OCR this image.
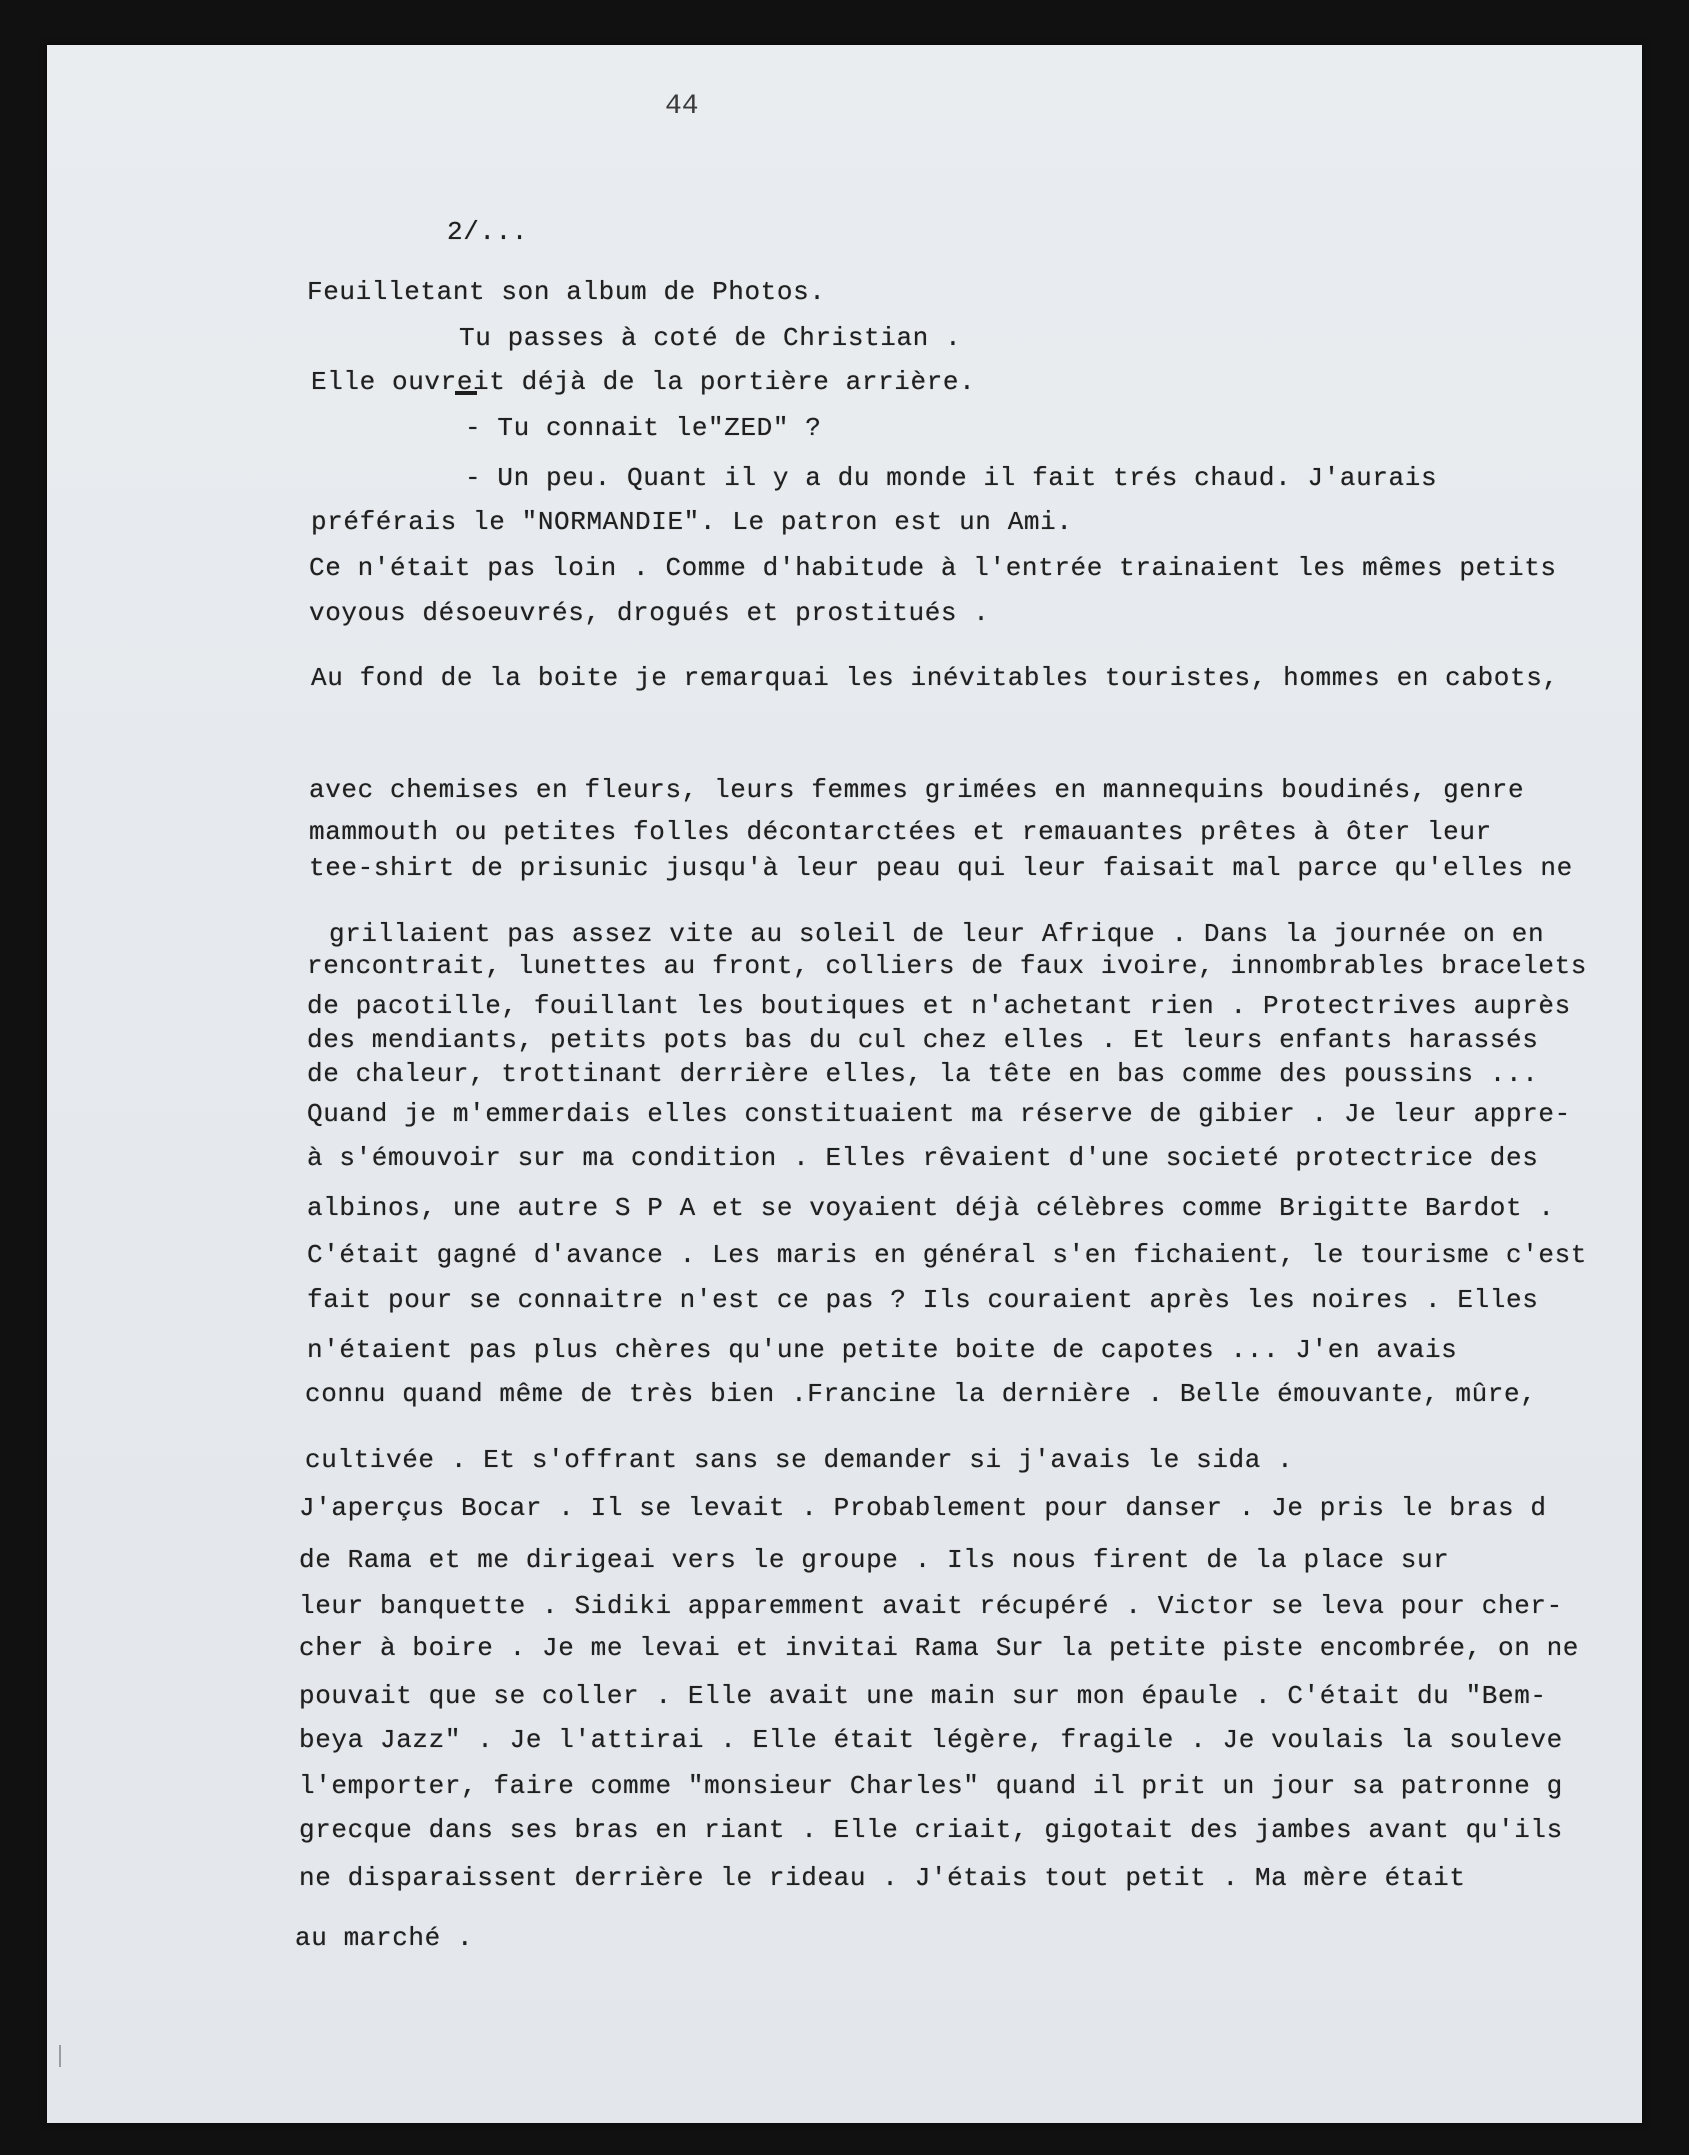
44
2/...
Feuilletant son album de Photos.
Tu passes à coté de Christian .
Elle ouvreit déjà de la portière arrière.
- Tu connait le"ZED" ?
- Un peu. Quant il y a du monde il fait trés chaud. J'aurais
préférais le "NORMANDIE". Le patron est un Ami.
Ce n'était pas loin . Comme d'habitude à l'entrée trainaient les mêmes petits
voyous désoeuvrés, drogués et prostitués .
Au fond de la boite je remarquai les inévitables touristes, hommes en cabots,
avec chemises en fleurs, leurs femmes grimées en mannequins boudinés, genre
mammouth ou petites folles décontarctées et remauantes prêtes à ôter leur
tee-shirt de prisunic jusqu'à leur peau qui leur faisait mal parce qu'elles ne
grillaient pas assez vite au soleil de leur Afrique . Dans la journée on en
rencontrait, lunettes au front, colliers de faux ivoire, innombrables bracelets
de pacotille, fouillant les boutiques et n'achetant rien . Protectrives auprès
des mendiants, petits pots bas du cul chez elles . Et leurs enfants harassés
de chaleur, trottinant derrière elles, la tête en bas comme des poussins ...
Quand je m'emmerdais elles constituaient ma réserve de gibier . Je leur appre-
à s'émouvoir sur ma condition . Elles rêvaient d'une societé protectrice des
albinos, une autre S P A et se voyaient déjà célèbres comme Brigitte Bardot .
C'était gagné d'avance . Les maris en général s'en fichaient, le tourisme c'est
fait pour se connaitre n'est ce pas ? Ils couraient après les noires . Elles
n'étaient pas plus chères qu'une petite boite de capotes ... J'en avais
connu quand même de très bien .Francine la dernière . Belle émouvante, mûre,
cultivée . Et s'offrant sans se demander si j'avais le sida .
J'aperçus Bocar . Il se levait . Probablement pour danser . Je pris le bras d
de Rama et me dirigeai vers le groupe . Ils nous firent de la place sur
leur banquette . Sidiki apparemment avait récupéré . Victor se leva pour cher-
cher à boire . Je me levai et invitai Rama Sur la petite piste encombrée, on ne
pouvait que se coller . Elle avait une main sur mon épaule . C'était du "Bem-
beya Jazz" . Je l'attirai . Elle était légère, fragile . Je voulais la souleve
l'emporter, faire comme "monsieur Charles" quand il prit un jour sa patronne g
grecque dans ses bras en riant . Elle criait, gigotait des jambes avant qu'ils
ne disparaissent derrière le rideau . J'étais tout petit . Ma mère était
au marché .
